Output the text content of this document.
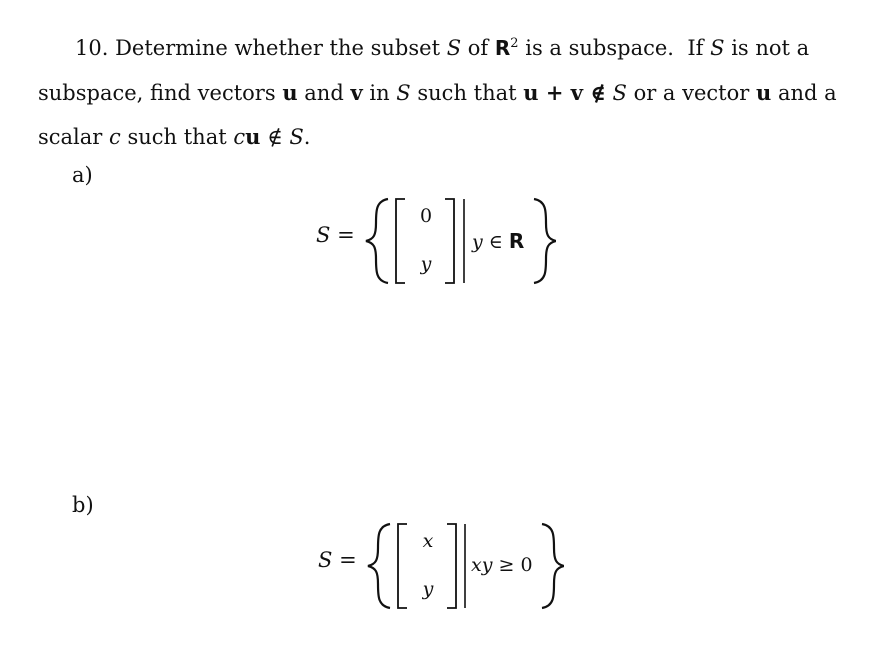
10. Determine whether the subset S of $R^2$ is a subspace. If S is not a
subspace, find vectors u and v in S such that u + v ∉ S or a vector u and a
scalar c such that cu ∉ S.
a)
S =
0
y
y ∈ R
b)
S =
x
y
xy ≥ 0
